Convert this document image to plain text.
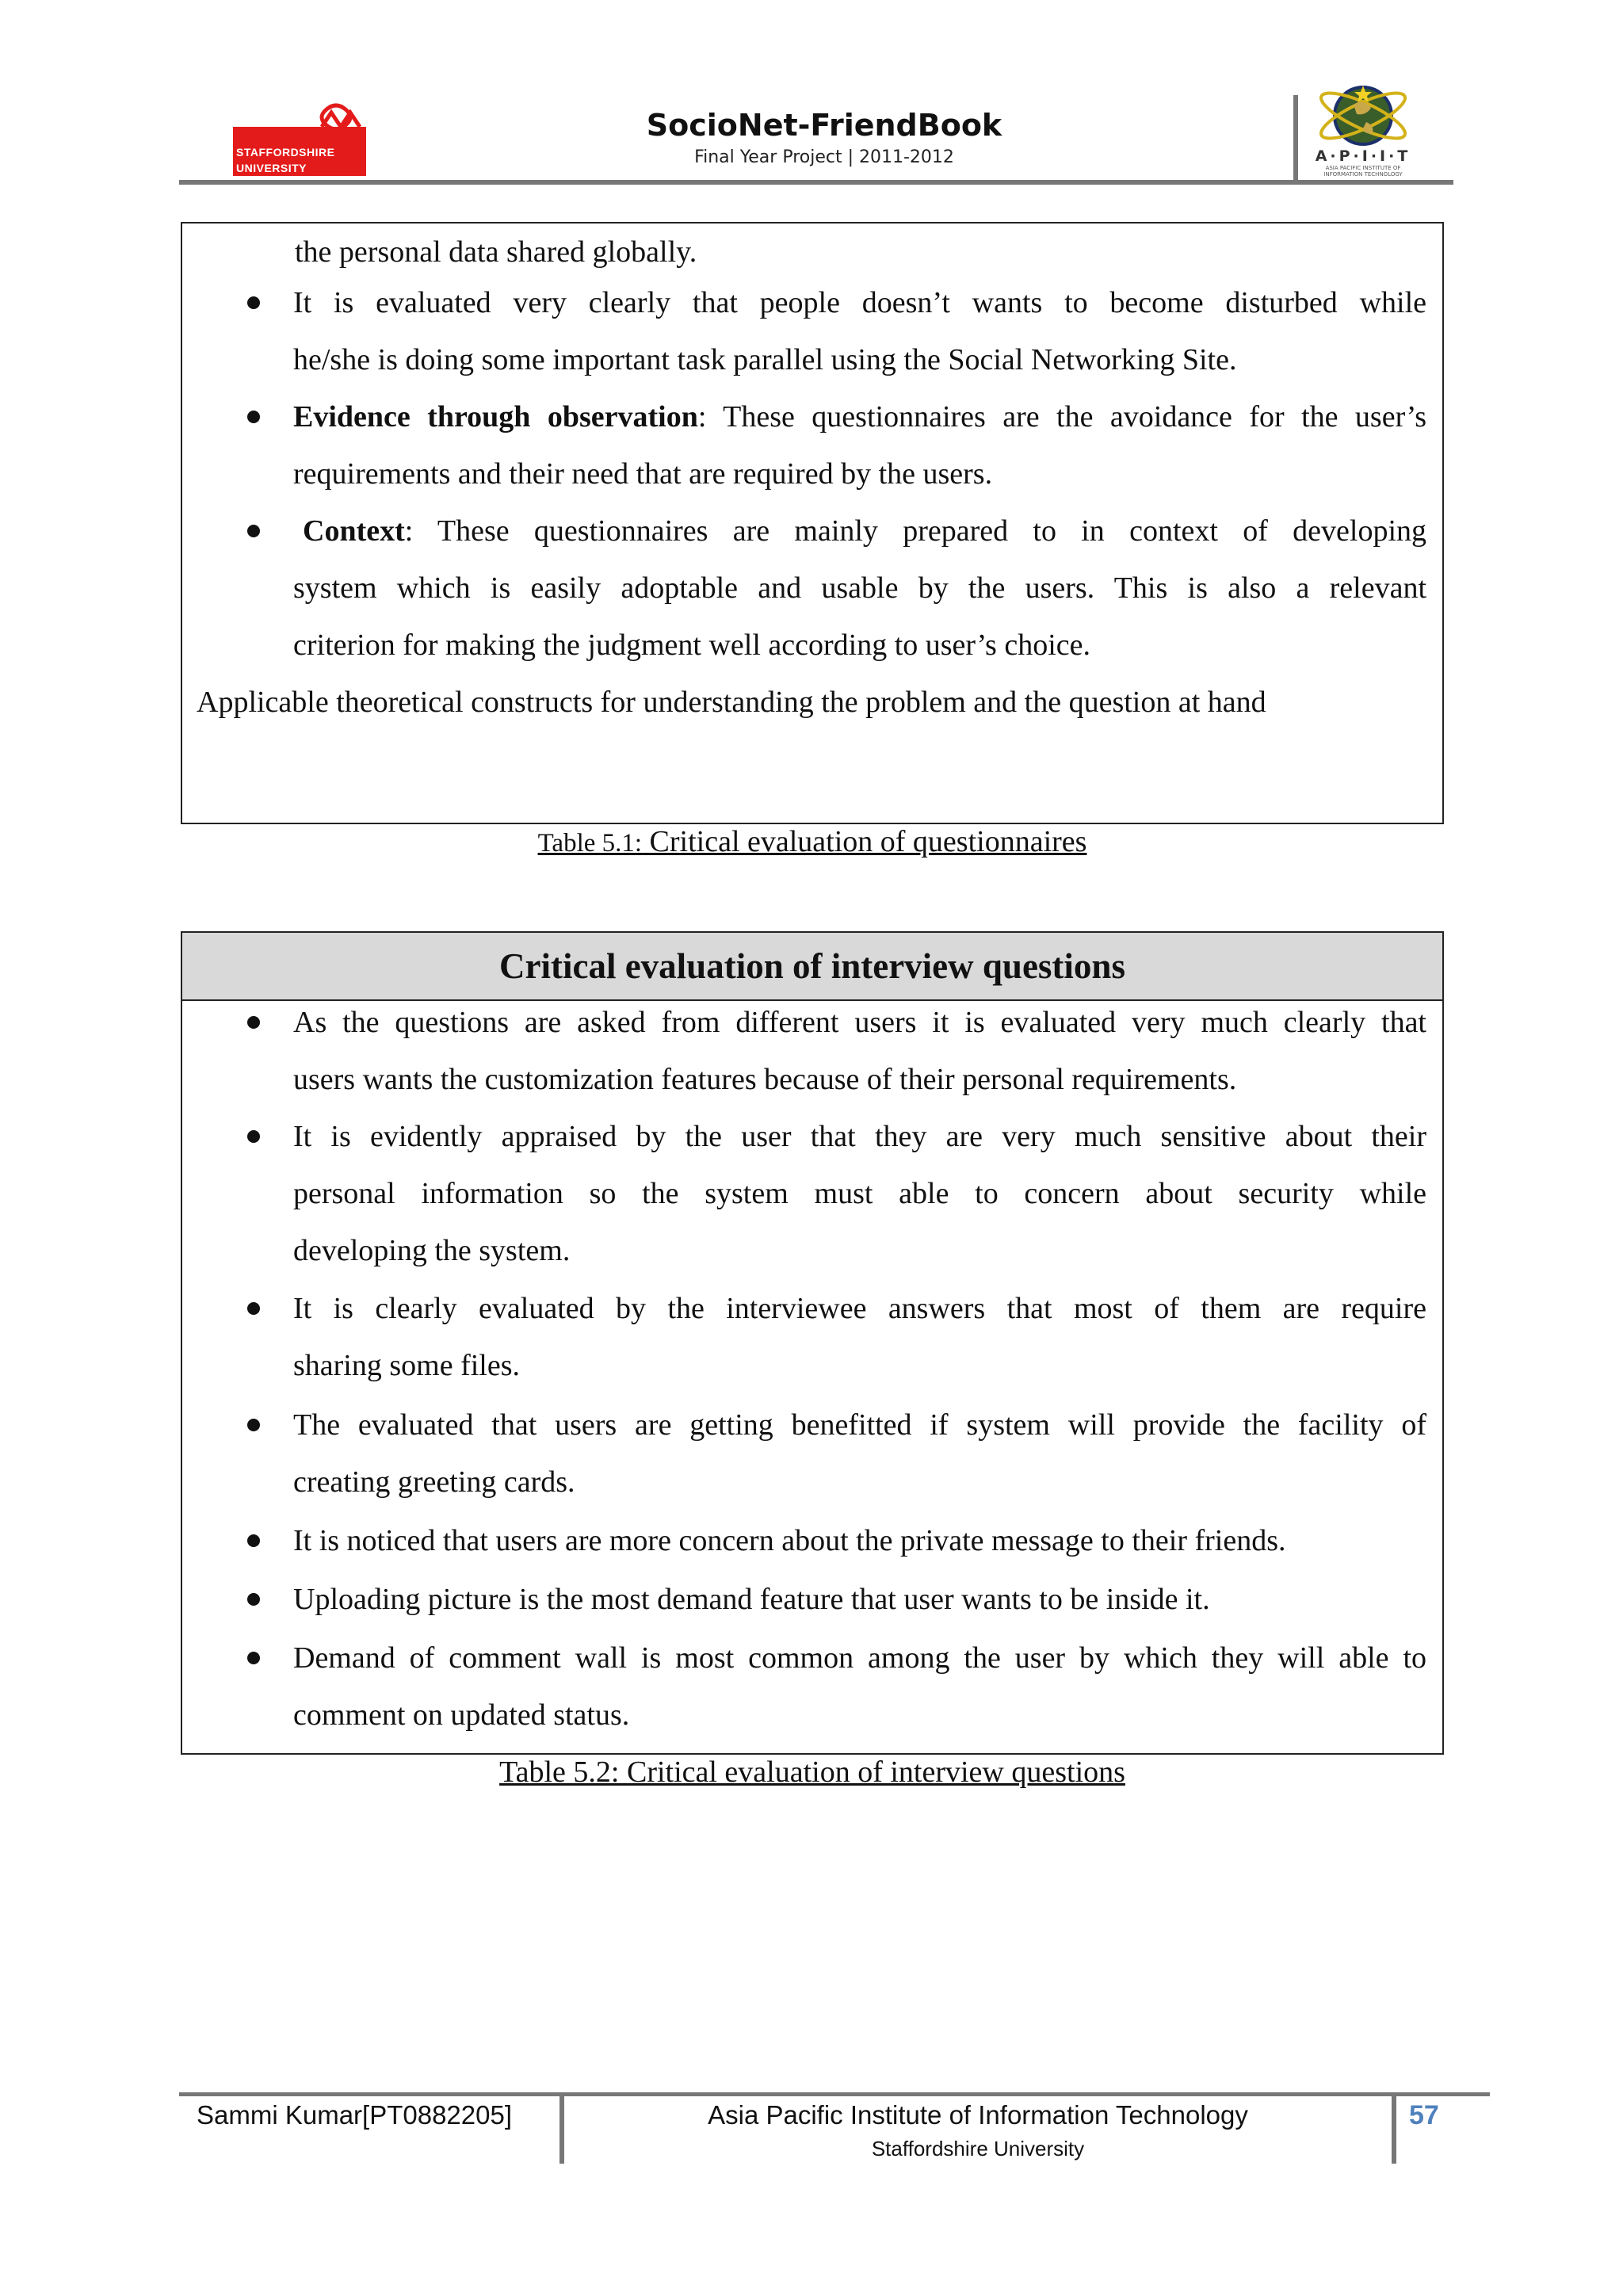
STAFFORDSHIRE UNIVERSITY
SocioNet-FriendBook
Final Year Project | 2011-2012	A·P·I·I·T
ASIA PACIFIC INSTITUTE OF INFORMATION TECHNOLOGY
the personal data shared globally.
It is evaluated very clearly that people doesn’t wants to become disturbed while
he/she is doing some important task parallel using the Social Networking Site.
Evidence through observation: These questionnaires are the avoidance for the user’s
requirements and their need that are required by the users.
Context: These questionnaires are mainly prepared to in context of developing
system which is easily adoptable and usable by the users. This is also a relevant
criterion for making the judgment well according to user’s choice.
Applicable theoretical constructs for understanding the problem and the question at hand
Table 5.1: Critical evaluation of questionnaires
Critical evaluation of interview questions
As the questions are asked from different users it is evaluated very much clearly that
users wants the customization features because of their personal requirements.
It is evidently appraised by the user that they are very much sensitive about their
personal information so the system must able to concern about security while
developing the system.
It is clearly evaluated by the interviewee answers that most of them are require
sharing some files.
The evaluated that users are getting benefitted if system will provide the facility of
creating greeting cards.
It is noticed that users are more concern about the private message to their friends.
Uploading picture is the most demand feature that user wants to be inside it.
Demand of comment wall is most common among the user by which they will able to
comment on updated status.
Table 5.2: Critical evaluation of interview questions
Sammi Kumar[PT0882205]	Asia Pacific Institute of Information Technology
Staffordshire University
57
